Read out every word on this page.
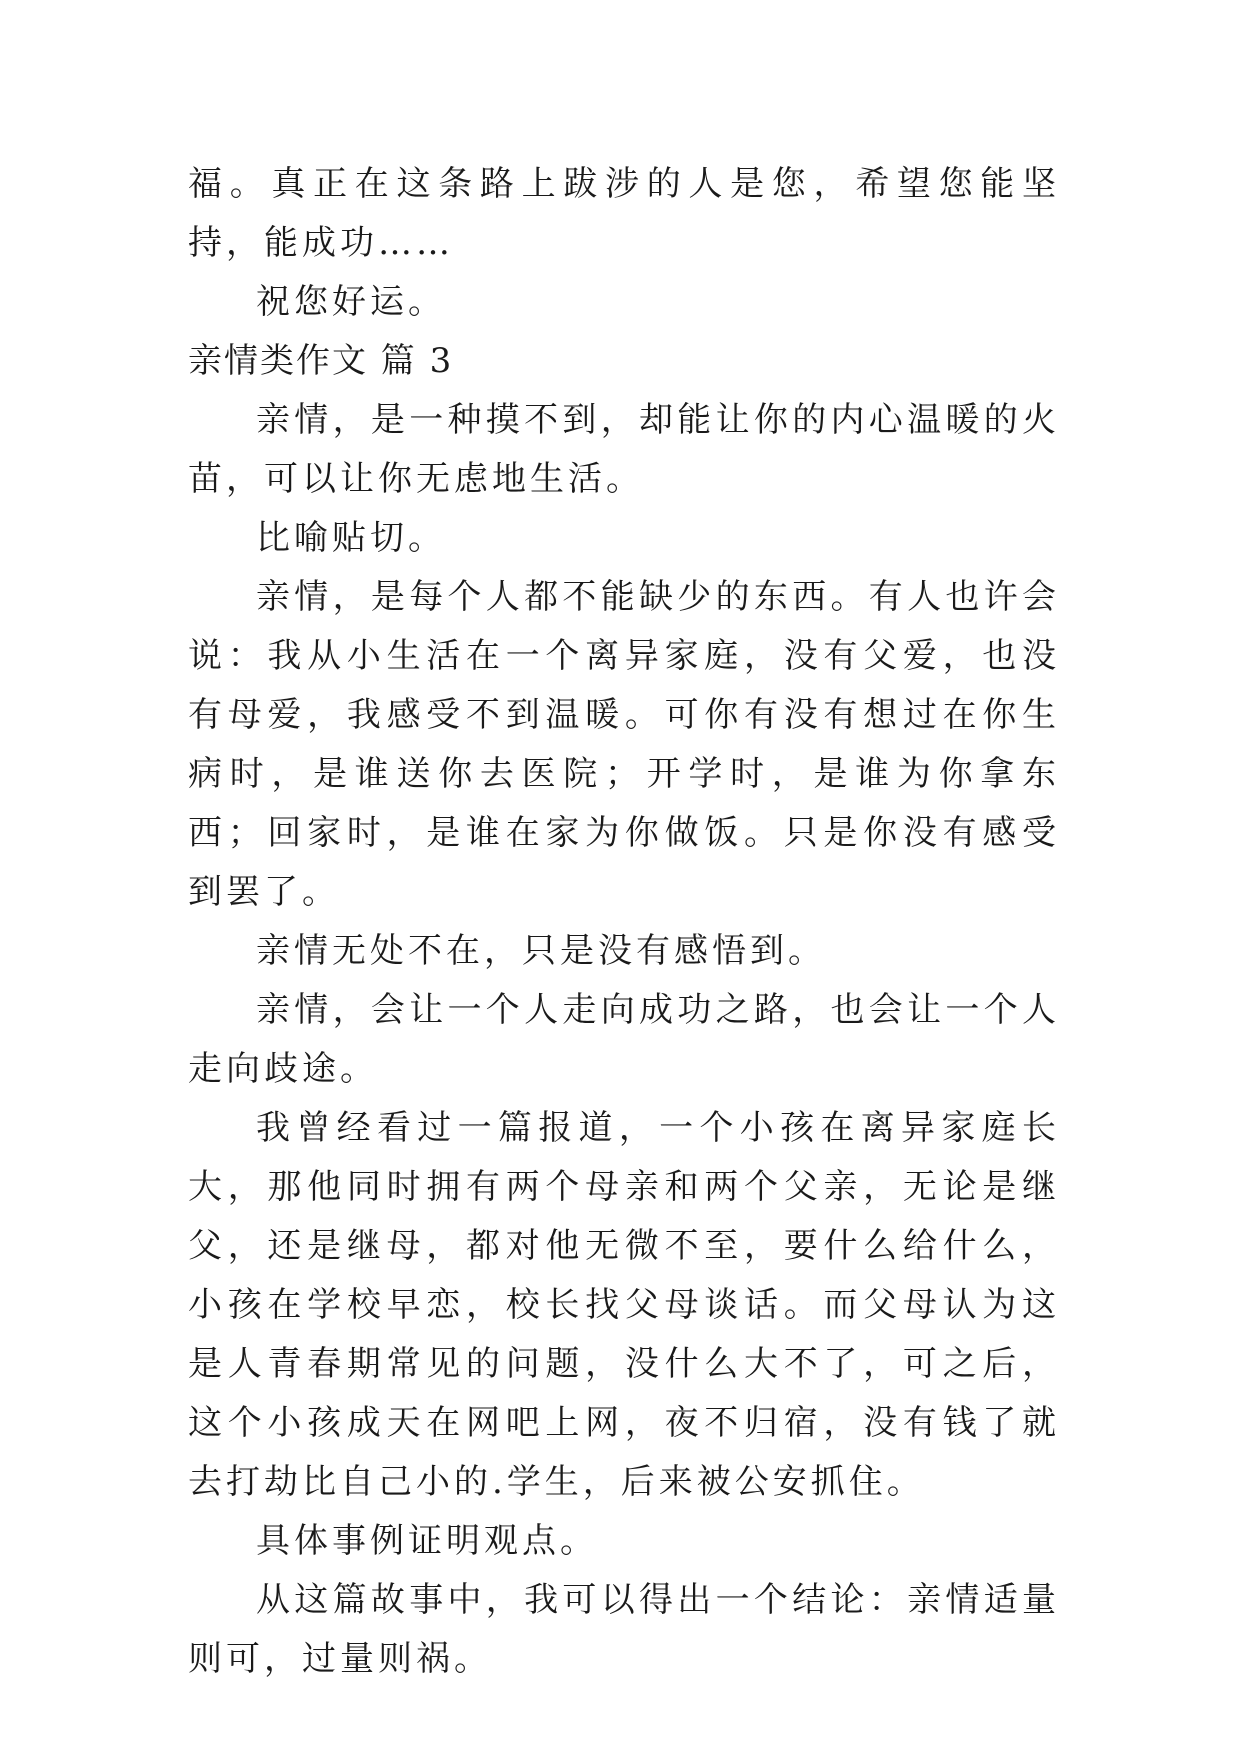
福。真正在这条路上跋涉的人是您，希望您能坚持，能成功……

祝您好运。

亲情类作文 篇 3

亲情，是一种摸不到，却能让你的内心温暖的火苗，可以让你无虑地生活。

比喻贴切。

亲情，是每个人都不能缺少的东西。有人也许会说：我从小生活在一个离异家庭，没有父爱，也没有母爱，我感受不到温暖。可你有没有想过在你生病时，是谁送你去医院；开学时，是谁为你拿东西；回家时，是谁在家为你做饭。只是你没有感受到罢了。

亲情无处不在，只是没有感悟到。

亲情，会让一个人走向成功之路，也会让一个人走向歧途。

我曾经看过一篇报道，一个小孩在离异家庭长大，那他同时拥有两个母亲和两个父亲，无论是继父，还是继母，都对他无微不至，要什么给什么，小孩在学校早恋，校长找父母谈话。而父母认为这是人青春期常见的问题，没什么大不了，可之后，这个小孩成天在网吧上网，夜不归宿，没有钱了就去打劫比自己小的.学生，后来被公安抓住。

具体事例证明观点。

从这篇故事中，我可以得出一个结论：亲情适量则可，过量则祸。
